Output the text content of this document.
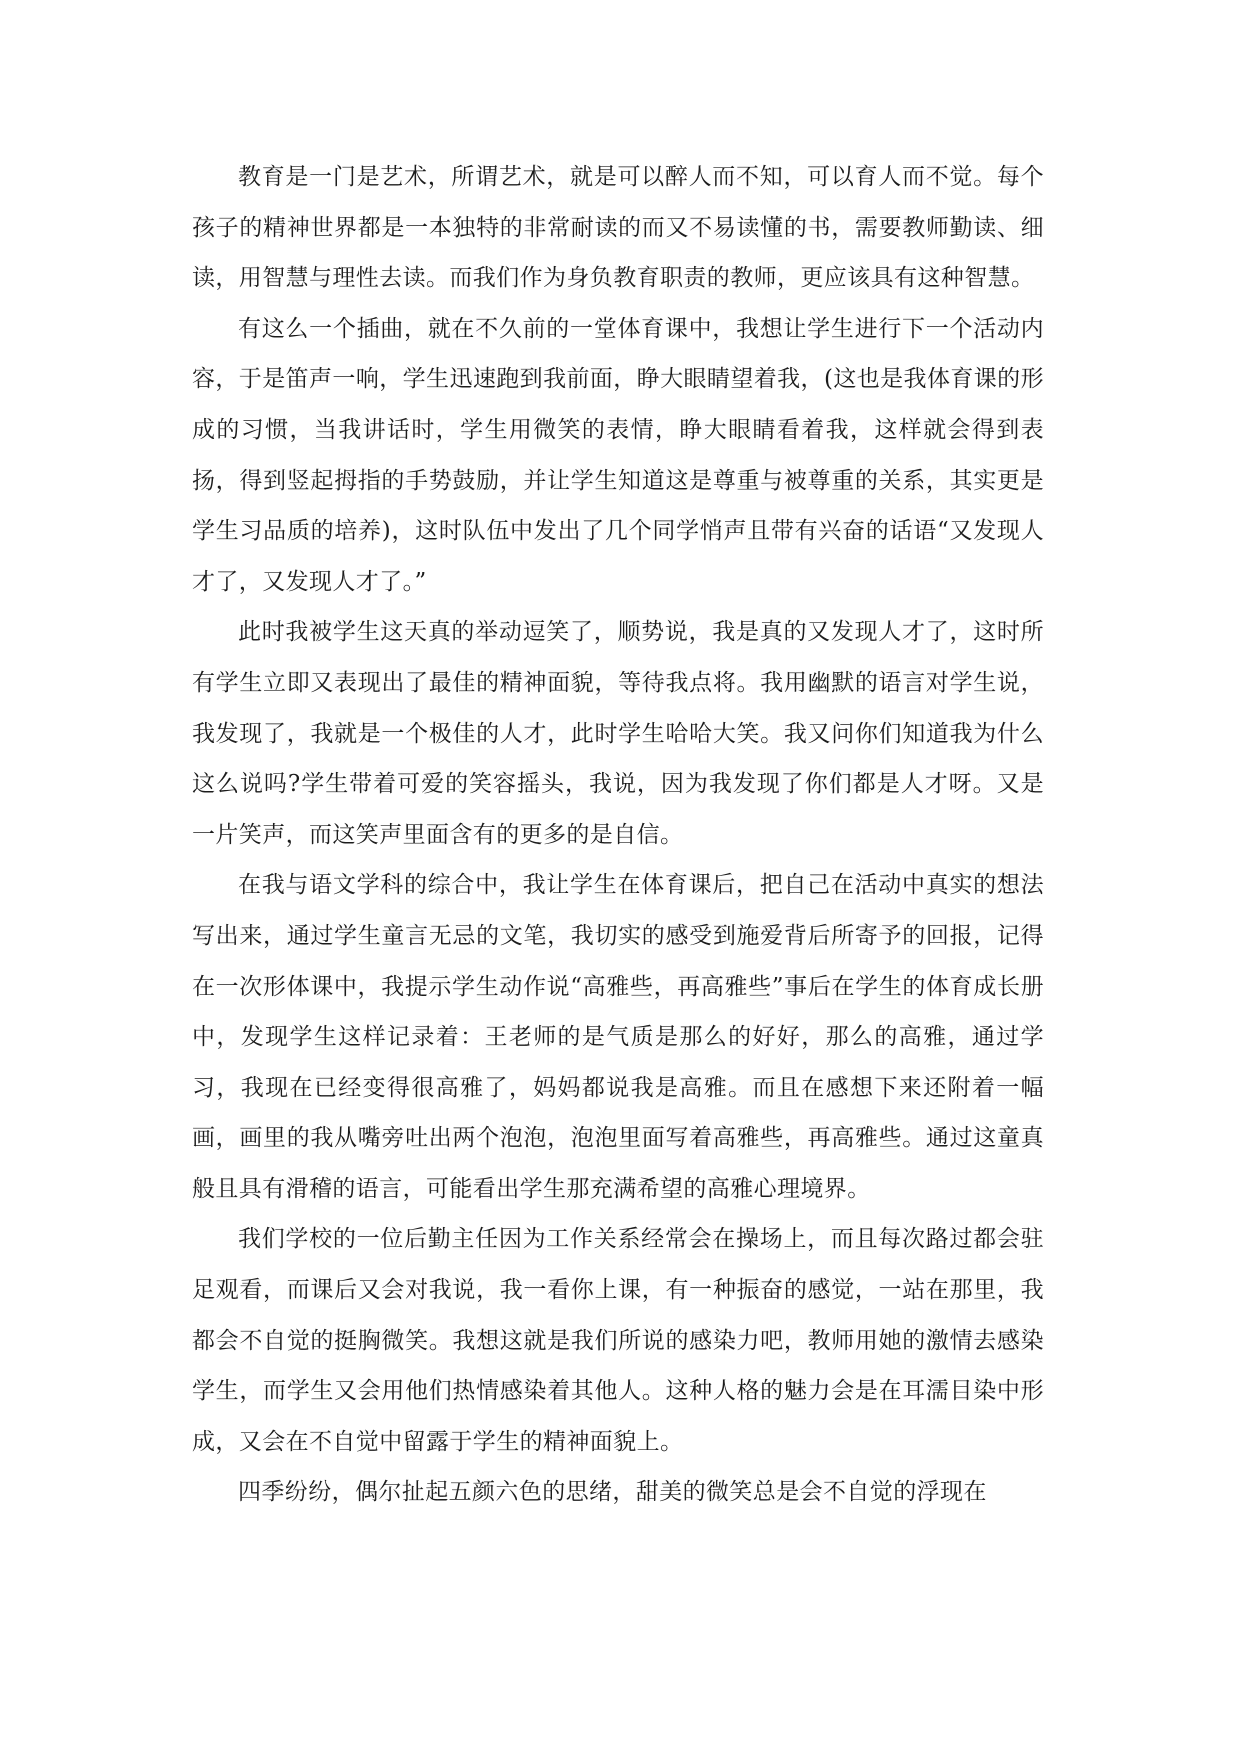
教育是一门是艺术，所谓艺术，就是可以醉人而不知，可以育人而不觉。每个孩子的精神世界都是一本独特的非常耐读的而又不易读懂的书，需要教师勤读、细读，用智慧与理性去读。而我们作为身负教育职责的教师，更应该具有这种智慧。

有这么一个插曲，就在不久前的一堂体育课中，我想让学生进行下一个活动内容，于是笛声一响，学生迅速跑到我前面，睁大眼睛望着我，(这也是我体育课的形成的习惯，当我讲话时，学生用微笑的表情，睁大眼睛看着我，这样就会得到表扬，得到竖起拇指的手势鼓励，并让学生知道这是尊重与被尊重的关系，其实更是学生习品质的培养)，这时队伍中发出了几个同学悄声且带有兴奋的话语“又发现人才了，又发现人才了。”

此时我被学生这天真的举动逗笑了，顺势说，我是真的又发现人才了，这时所有学生立即又表现出了最佳的精神面貌，等待我点将。我用幽默的语言对学生说，我发现了，我就是一个极佳的人才，此时学生哈哈大笑。我又问你们知道我为什么这么说吗?学生带着可爱的笑容摇头，我说，因为我发现了你们都是人才呀。又是一片笑声，而这笑声里面含有的更多的是自信。

在我与语文学科的综合中，我让学生在体育课后，把自己在活动中真实的想法写出来，通过学生童言无忌的文笔，我切实的感受到施爱背后所寄予的回报，记得在一次形体课中，我提示学生动作说“高雅些，再高雅些”事后在学生的体育成长册中，发现学生这样记录着：王老师的是气质是那么的好好，那么的高雅，通过学习，我现在已经变得很高雅了，妈妈都说我是高雅。而且在感想下来还附着一幅画，画里的我从嘴旁吐出两个泡泡，泡泡里面写着高雅些，再高雅些。通过这童真般且具有滑稽的语言，可能看出学生那充满希望的高雅心理境界。

我们学校的一位后勤主任因为工作关系经常会在操场上，而且每次路过都会驻足观看，而课后又会对我说，我一看你上课，有一种振奋的感觉，一站在那里，我都会不自觉的挺胸微笑。我想这就是我们所说的感染力吧，教师用她的激情去感染学生，而学生又会用他们热情感染着其他人。这种人格的魅力会是在耳濡目染中形成，又会在不自觉中留露于学生的精神面貌上。

四季纷纷，偶尔扯起五颜六色的思绪，甜美的微笑总是会不自觉的浮现在
